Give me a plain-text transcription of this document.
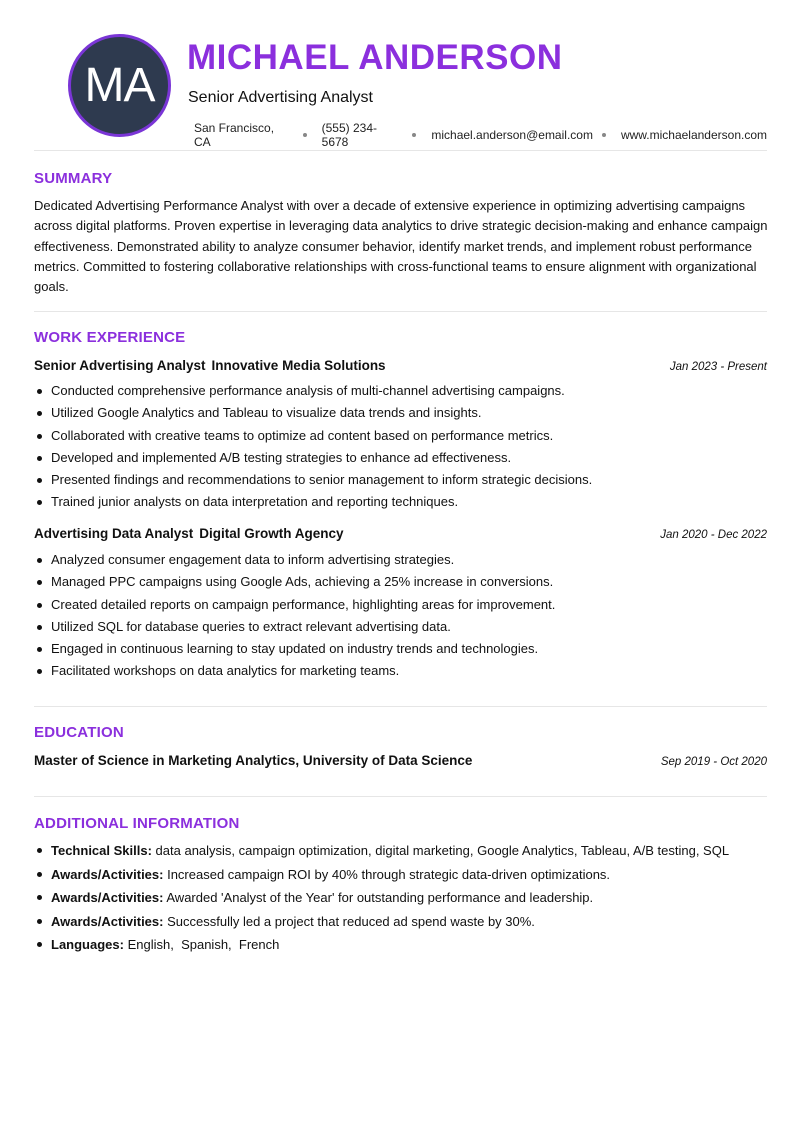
MA
MICHAEL ANDERSON
Senior Advertising Analyst
San Francisco, CA
(555) 234-5678	michael.anderson@email.com www.michaelanderson.com
SUMMARY
Dedicated Advertising Performance Analyst with over a decade of extensive experience in optimizing advertising campaigns across digital platforms. Proven expertise in leveraging data analytics to drive strategic decision-making and enhance campaign effectiveness. Demonstrated ability to analyze consumer behavior, identify market trends, and implement robust performance metrics. Committed to fostering collaborative relationships with cross-functional teams to ensure alignment with organizational goals.
WORK EXPERIENCE
Senior Advertising Analyst Innovative Media Solutions	Jan 2023 - Present
Conducted comprehensive performance analysis of multi-channel advertising campaigns.
Utilized Google Analytics and Tableau to visualize data trends and insights.
Collaborated with creative teams to optimize ad content based on performance metrics.
Developed and implemented A/B testing strategies to enhance ad effectiveness.
Presented findings and recommendations to senior management to inform strategic decisions.
Trained junior analysts on data interpretation and reporting techniques.
Advertising Data Analyst Digital Growth Agency	Jan 2020 - Dec 2022
Analyzed consumer engagement data to inform advertising strategies.
Managed PPC campaigns using Google Ads, achieving a 25% increase in conversions.
Created detailed reports on campaign performance, highlighting areas for improvement.
Utilized SQL for database queries to extract relevant advertising data.
Engaged in continuous learning to stay updated on industry trends and technologies.
Facilitated workshops on data analytics for marketing teams.
EDUCATION
Master of Science in Marketing Analytics, University of Data Science	Sep 2019 - Oct 2020
ADDITIONAL INFORMATION
Technical Skills: data analysis, campaign optimization, digital marketing, Google Analytics, Tableau, A/B testing, SQL
Awards/Activities: Increased campaign ROI by 40% through strategic data-driven optimizations.
Awards/Activities: Awarded 'Analyst of the Year' for outstanding performance and leadership.
Awards/Activities: Successfully led a project that reduced ad spend waste by 30%.
Languages: English,  Spanish,  French
